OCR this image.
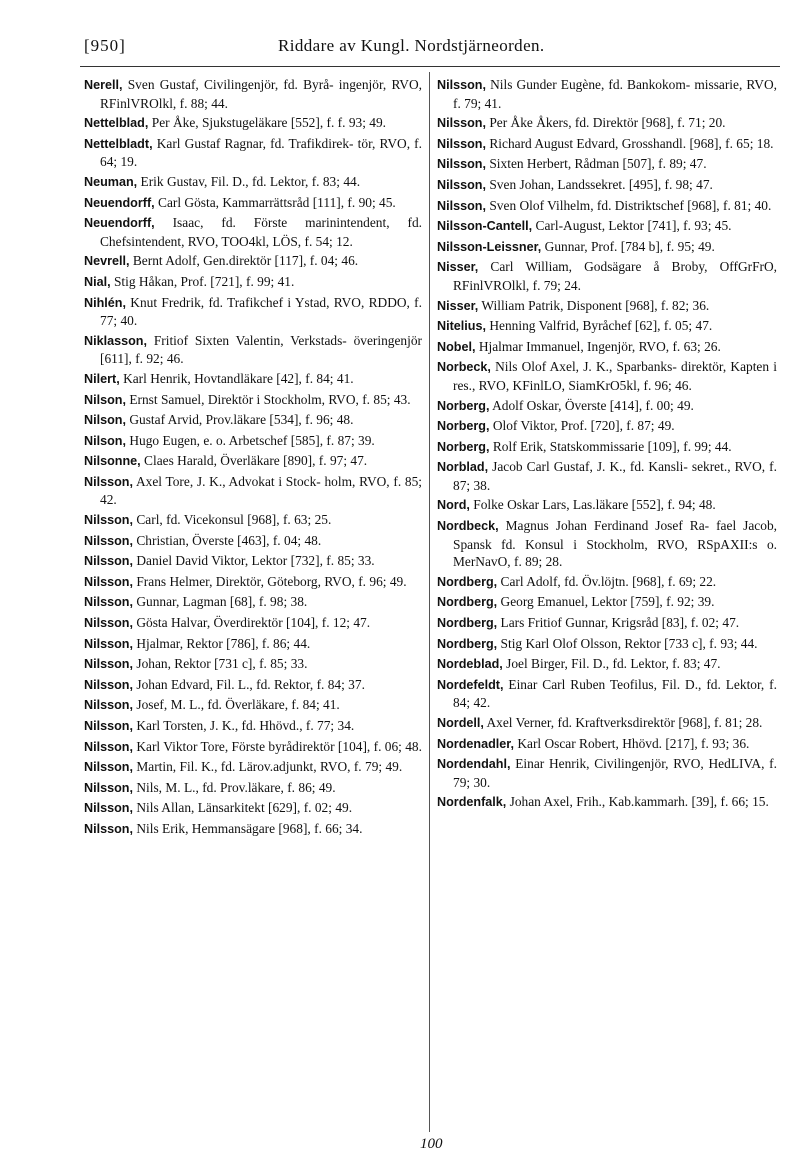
[950]	Riddare av Kungl. Nordstjärneorden.
Nerell, Sven Gustaf, Civilingenjör, fd. Byrå- ingenjör, RVO, RFinlVROlkl, f. 88; 44.
Nettelblad, Per Åke, Sjukstugeläkare [552], f. f. 93; 49.
Nettelbladt, Karl Gustaf Ragnar, fd. Trafikdirek- tör, RVO, f. 64; 19.
Neuman, Erik Gustav, Fil. D., fd. Lektor, f. 83; 44.
Neuendorff, Carl Gösta, Kammarrättsråd [111], f. 90; 45.
Neuendorff, Isaac, fd. Förste marinintendent, fd. Chefsintendent, RVO, TOO4kl, LÖS, f. 54; 12.
Nevrell, Bernt Adolf, Gen.direktör [117], f. 04; 46.
Nial, Stig Håkan, Prof. [721], f. 99; 41.
Nihlén, Knut Fredrik, fd. Trafikchef i Ystad, RVO, RDDO, f. 77; 40.
Niklasson, Fritiof Sixten Valentin, Verkstads- överingenjör [611], f. 92; 46.
Nilert, Karl Henrik, Hovtandläkare [42], f. 84; 41.
Nilson, Ernst Samuel, Direktör i Stockholm, RVO, f. 85; 43.
Nilson, Gustaf Arvid, Prov.läkare [534], f. 96; 48.
Nilson, Hugo Eugen, e. o. Arbetschef [585], f. 87; 39.
Nilsonne, Claes Harald, Överläkare [890], f. 97; 47.
Nilsson, Axel Tore, J. K., Advokat i Stock- holm, RVO, f. 85; 42.
Nilsson, Carl, fd. Vicekonsul [968], f. 63; 25.
Nilsson, Christian, Överste [463], f. 04; 48.
Nilsson, Daniel David Viktor, Lektor [732], f. 85; 33.
Nilsson, Frans Helmer, Direktör, Göteborg, RVO, f. 96; 49.
Nilsson, Gunnar, Lagman [68], f. 98; 38.
Nilsson, Gösta Halvar, Överdirektör [104], f. 12; 47.
Nilsson, Hjalmar, Rektor [786], f. 86; 44.
Nilsson, Johan, Rektor [731 c], f. 85; 33.
Nilsson, Johan Edvard, Fil. L., fd. Rektor, f. 84; 37.
Nilsson, Josef, M. L., fd. Överläkare, f. 84; 41.
Nilsson, Karl Torsten, J. K., fd. Hhövd., f. 77; 34.
Nilsson, Karl Viktor Tore, Förste byrådirektör [104], f. 06; 48.
Nilsson, Martin, Fil. K., fd. Lärov.adjunkt, RVO, f. 79; 49.
Nilsson, Nils, M. L., fd. Prov.läkare, f. 86; 49.
Nilsson, Nils Allan, Länsarkitekt [629], f. 02; 49.
Nilsson, Nils Erik, Hemmansägare [968], f. 66; 34.
Nilsson, Nils Gunder Eugène, fd. Bankokom- missarie, RVO, f. 79; 41.
Nilsson, Per Åke Åkers, fd. Direktör [968], f. 71; 20.
Nilsson, Richard August Edvard, Grosshandl. [968], f. 65; 18.
Nilsson, Sixten Herbert, Rådman [507], f. 89; 47.
Nilsson, Sven Johan, Landssekret. [495], f. 98; 47.
Nilsson, Sven Olof Vilhelm, fd. Distriktschef [968], f. 81; 40.
Nilsson-Cantell, Carl-August, Lektor [741], f. 93; 45.
Nilsson-Leissner, Gunnar, Prof. [784 b], f. 95; 49.
Nisser, Carl William, Godsägare å Broby, OffGrFrO, RFinlVROlkl, f. 79; 24.
Nisser, William Patrik, Disponent [968], f. 82; 36.
Nitelius, Henning Valfrid, Byråchef [62], f. 05; 47.
Nobel, Hjalmar Immanuel, Ingenjör, RVO, f. 63; 26.
Norbeck, Nils Olof Axel, J. K., Sparbanks- direktör, Kapten i res., RVO, KFinlLO, SiamKrO5kl, f. 96; 46.
Norberg, Adolf Oskar, Överste [414], f. 00; 49.
Norberg, Olof Viktor, Prof. [720], f. 87; 49.
Norberg, Rolf Erik, Statskommissarie [109], f. 99; 44.
Norblad, Jacob Carl Gustaf, J. K., fd. Kansli- sekret., RVO, f. 87; 38.
Nord, Folke Oskar Lars, Las.läkare [552], f. 94; 48.
Nordbeck, Magnus Johan Ferdinand Josef Ra- fael Jacob, Spansk fd. Konsul i Stockholm, RVO, RSpAXII:s o. MerNavO, f. 89; 28.
Nordberg, Carl Adolf, fd. Öv.löjtn. [968], f. 69; 22.
Nordberg, Georg Emanuel, Lektor [759], f. 92; 39.
Nordberg, Lars Fritiof Gunnar, Krigsråd [83], f. 02; 47.
Nordberg, Stig Karl Olof Olsson, Rektor [733 c], f. 93; 44.
Nordeblad, Joel Birger, Fil. D., fd. Lektor, f. 83; 47.
Nordefeldt, Einar Carl Ruben Teofilus, Fil. D., fd. Lektor, f. 84; 42.
Nordell, Axel Verner, fd. Kraftverksdirektör [968], f. 81; 28.
Nordenadler, Karl Oscar Robert, Hhövd. [217], f. 93; 36.
Nordendahl, Einar Henrik, Civilingenjör, RVO, HedLIVA, f. 79; 30.
Nordenfalk, Johan Axel, Frih., Kab.kammarh. [39], f. 66; 15.
100
